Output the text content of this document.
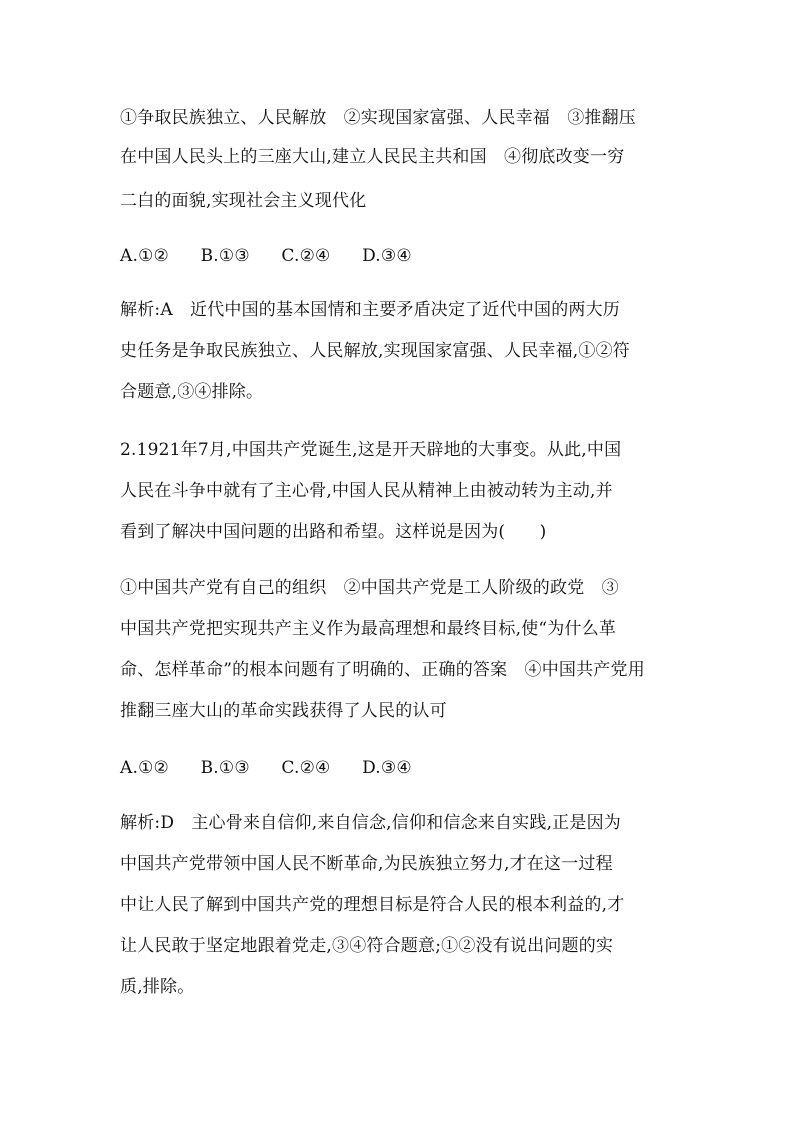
①争取民族独立、人民解放　②实现国家富强、人民幸福　③推翻压
在中国人民头上的三座大山,建立人民民主共和国　④彻底改变一穷
二白的面貌,实现社会主义现代化
A.①② B.①③ C.②④ D.③④
解析:A　近代中国的基本国情和主要矛盾决定了近代中国的两大历
史任务是争取民族独立、人民解放,实现国家富强、人民幸福,①②符
合题意,③④排除。
2.1921年7月,中国共产党诞生,这是开天辟地的大事变。从此,中国
人民在斗争中就有了主心骨,中国人民从精神上由被动转为主动,并
看到了解决中国问题的出路和希望。这样说是因为(　　)
①中国共产党有自己的组织　②中国共产党是工人阶级的政党　③
中国共产党把实现共产主义作为最高理想和最终目标,使“为什么革
命、怎样革命”的根本问题有了明确的、正确的答案　④中国共产党用
推翻三座大山的革命实践获得了人民的认可
A.①② B.①③ C.②④ D.③④
解析:D　主心骨来自信仰,来自信念,信仰和信念来自实践,正是因为
中国共产党带领中国人民不断革命,为民族独立努力,才在这一过程
中让人民了解到中国共产党的理想目标是符合人民的根本利益的,才
让人民敢于坚定地跟着党走,③④符合题意;①②没有说出问题的实
质,排除。
